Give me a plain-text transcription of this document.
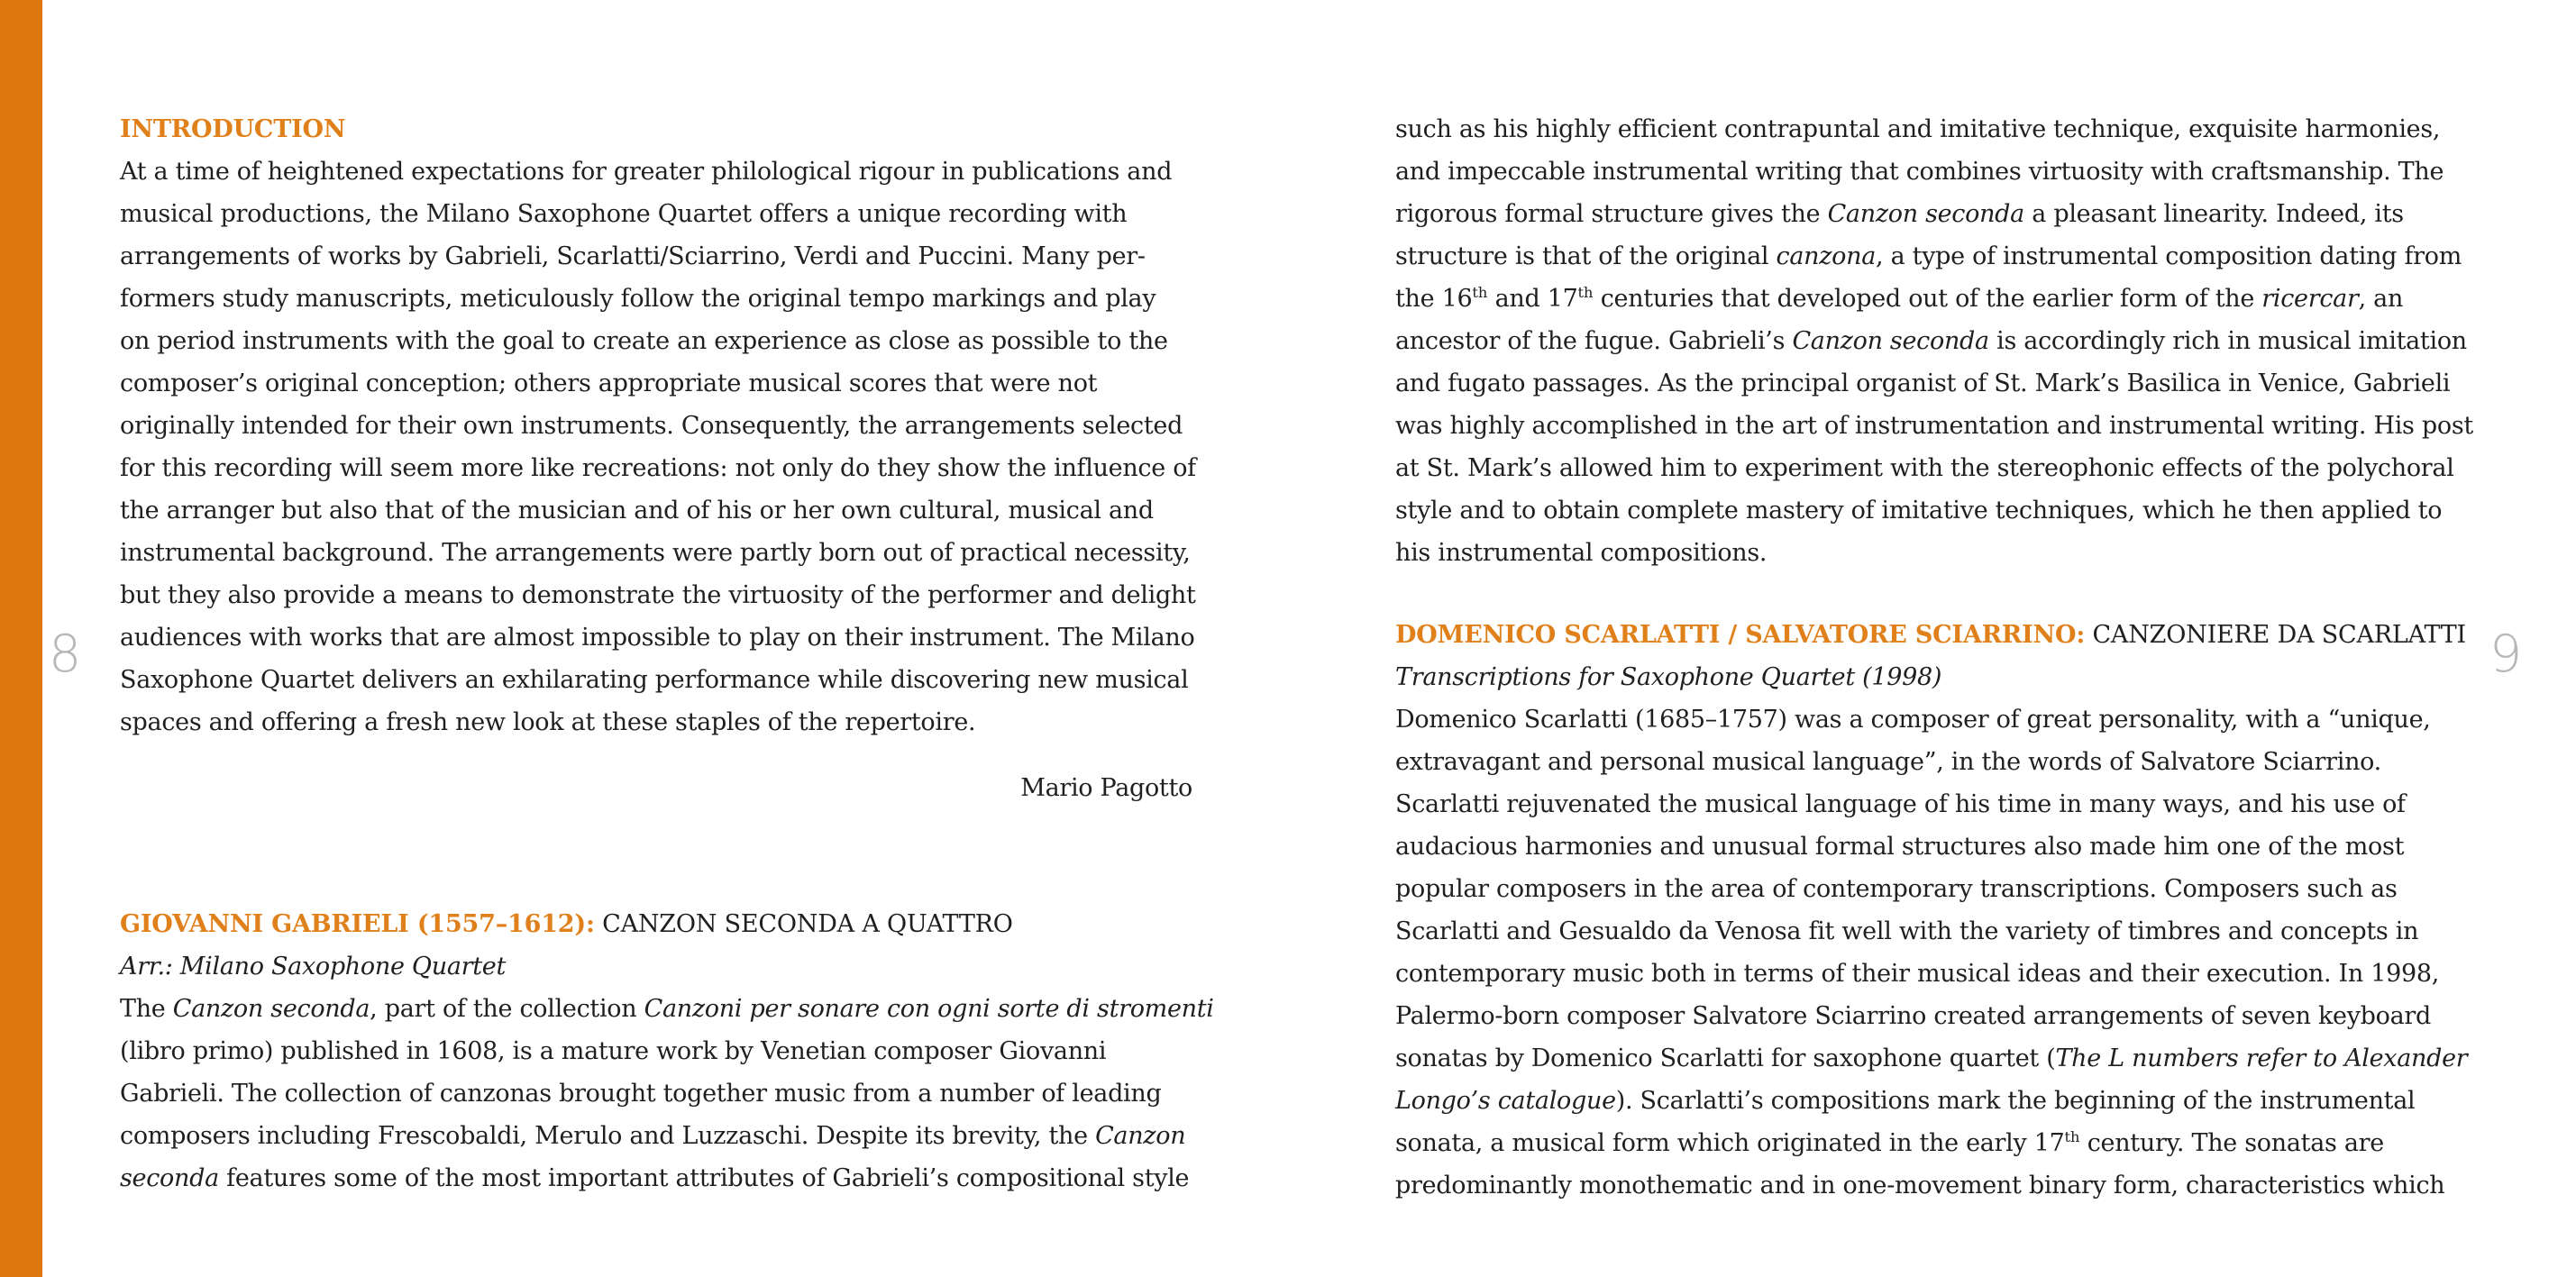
8	9
INTRODUCTION

At a time of heightened expectations for greater philological rigour in publications and
musical productions, the Milano Saxophone Quartet offers a unique recording with
arrangements of works by Gabrieli, Scarlatti/Sciarrino, Verdi and Puccini. Many per-
formers study manuscripts, meticulously follow the original tempo markings and play
on period instruments with the goal to create an experience as close as possible to the
composer’s original conception; others appropriate musical scores that were not
originally intended for their own instruments. Consequently, the arrangements selected
for this recording will seem more like recreations: not only do they show the influence of
the arranger but also that of the musician and of his or her own cultural, musical and
instrumental background. The arrangements were partly born out of practical necessity,
but they also provide a means to demonstrate the virtuosity of the performer and delight
audiences with works that are almost impossible to play on their instrument. The Milano
Saxophone Quartet delivers an exhilarating performance while discovering new musical
spaces and offering a fresh new look at these staples of the repertoire.

Mario Pagotto

GIOVANNI GABRIELI (1557–1612): CANZON SECONDA A QUATTRO

Arr.: Milano Saxophone Quartet

The Canzon seconda, part of the collection Canzoni per sonare con ogni sorte di stromenti
(libro primo) published in 1608, is a mature work by Venetian composer Giovanni
Gabrieli. The collection of canzonas brought together music from a number of leading
composers including Frescobaldi, Merulo and Luzzaschi. Despite its brevity, the Canzon
seconda features some of the most important attributes of Gabrieli’s compositional style

such as his highly efficient contrapuntal and imitative technique, exquisite harmonies,
and impeccable instrumental writing that combines virtuosity with craftsmanship. The
rigorous formal structure gives the Canzon seconda a pleasant linearity. Indeed, its
structure is that of the original canzona, a type of instrumental composition dating from
the 16th and 17th centuries that developed out of the earlier form of the ricercar, an
ancestor of the fugue. Gabrieli’s Canzon seconda is accordingly rich in musical imitation
and fugato passages. As the principal organist of St. Mark’s Basilica in Venice, Gabrieli
was highly accomplished in the art of instrumentation and instrumental writing. His post
at St. Mark’s allowed him to experiment with the stereophonic effects of the polychoral
style and to obtain complete mastery of imitative techniques, which he then applied to
his instrumental compositions.

DOMENICO SCARLATTI / SALVATORE SCIARRINO: CANZONIERE DA SCARLATTI

Transcriptions for Saxophone Quartet (1998)

Domenico Scarlatti (1685–1757) was a composer of great personality, with a “unique,
extravagant and personal musical language”, in the words of Salvatore Sciarrino.
Scarlatti rejuvenated the musical language of his time in many ways, and his use of
audacious harmonies and unusual formal structures also made him one of the most
popular composers in the area of contemporary transcriptions. Composers such as
Scarlatti and Gesualdo da Venosa fit well with the variety of timbres and concepts in
contemporary music both in terms of their musical ideas and their execution. In 1998,
Palermo-born composer Salvatore Sciarrino created arrangements of seven keyboard
sonatas by Domenico Scarlatti for saxophone quartet (The L numbers refer to Alexander
Longo’s catalogue). Scarlatti’s compositions mark the beginning of the instrumental
sonata, a musical form which originated in the early 17th century. The sonatas are
predominantly monothematic and in one-movement binary form, characteristics which
